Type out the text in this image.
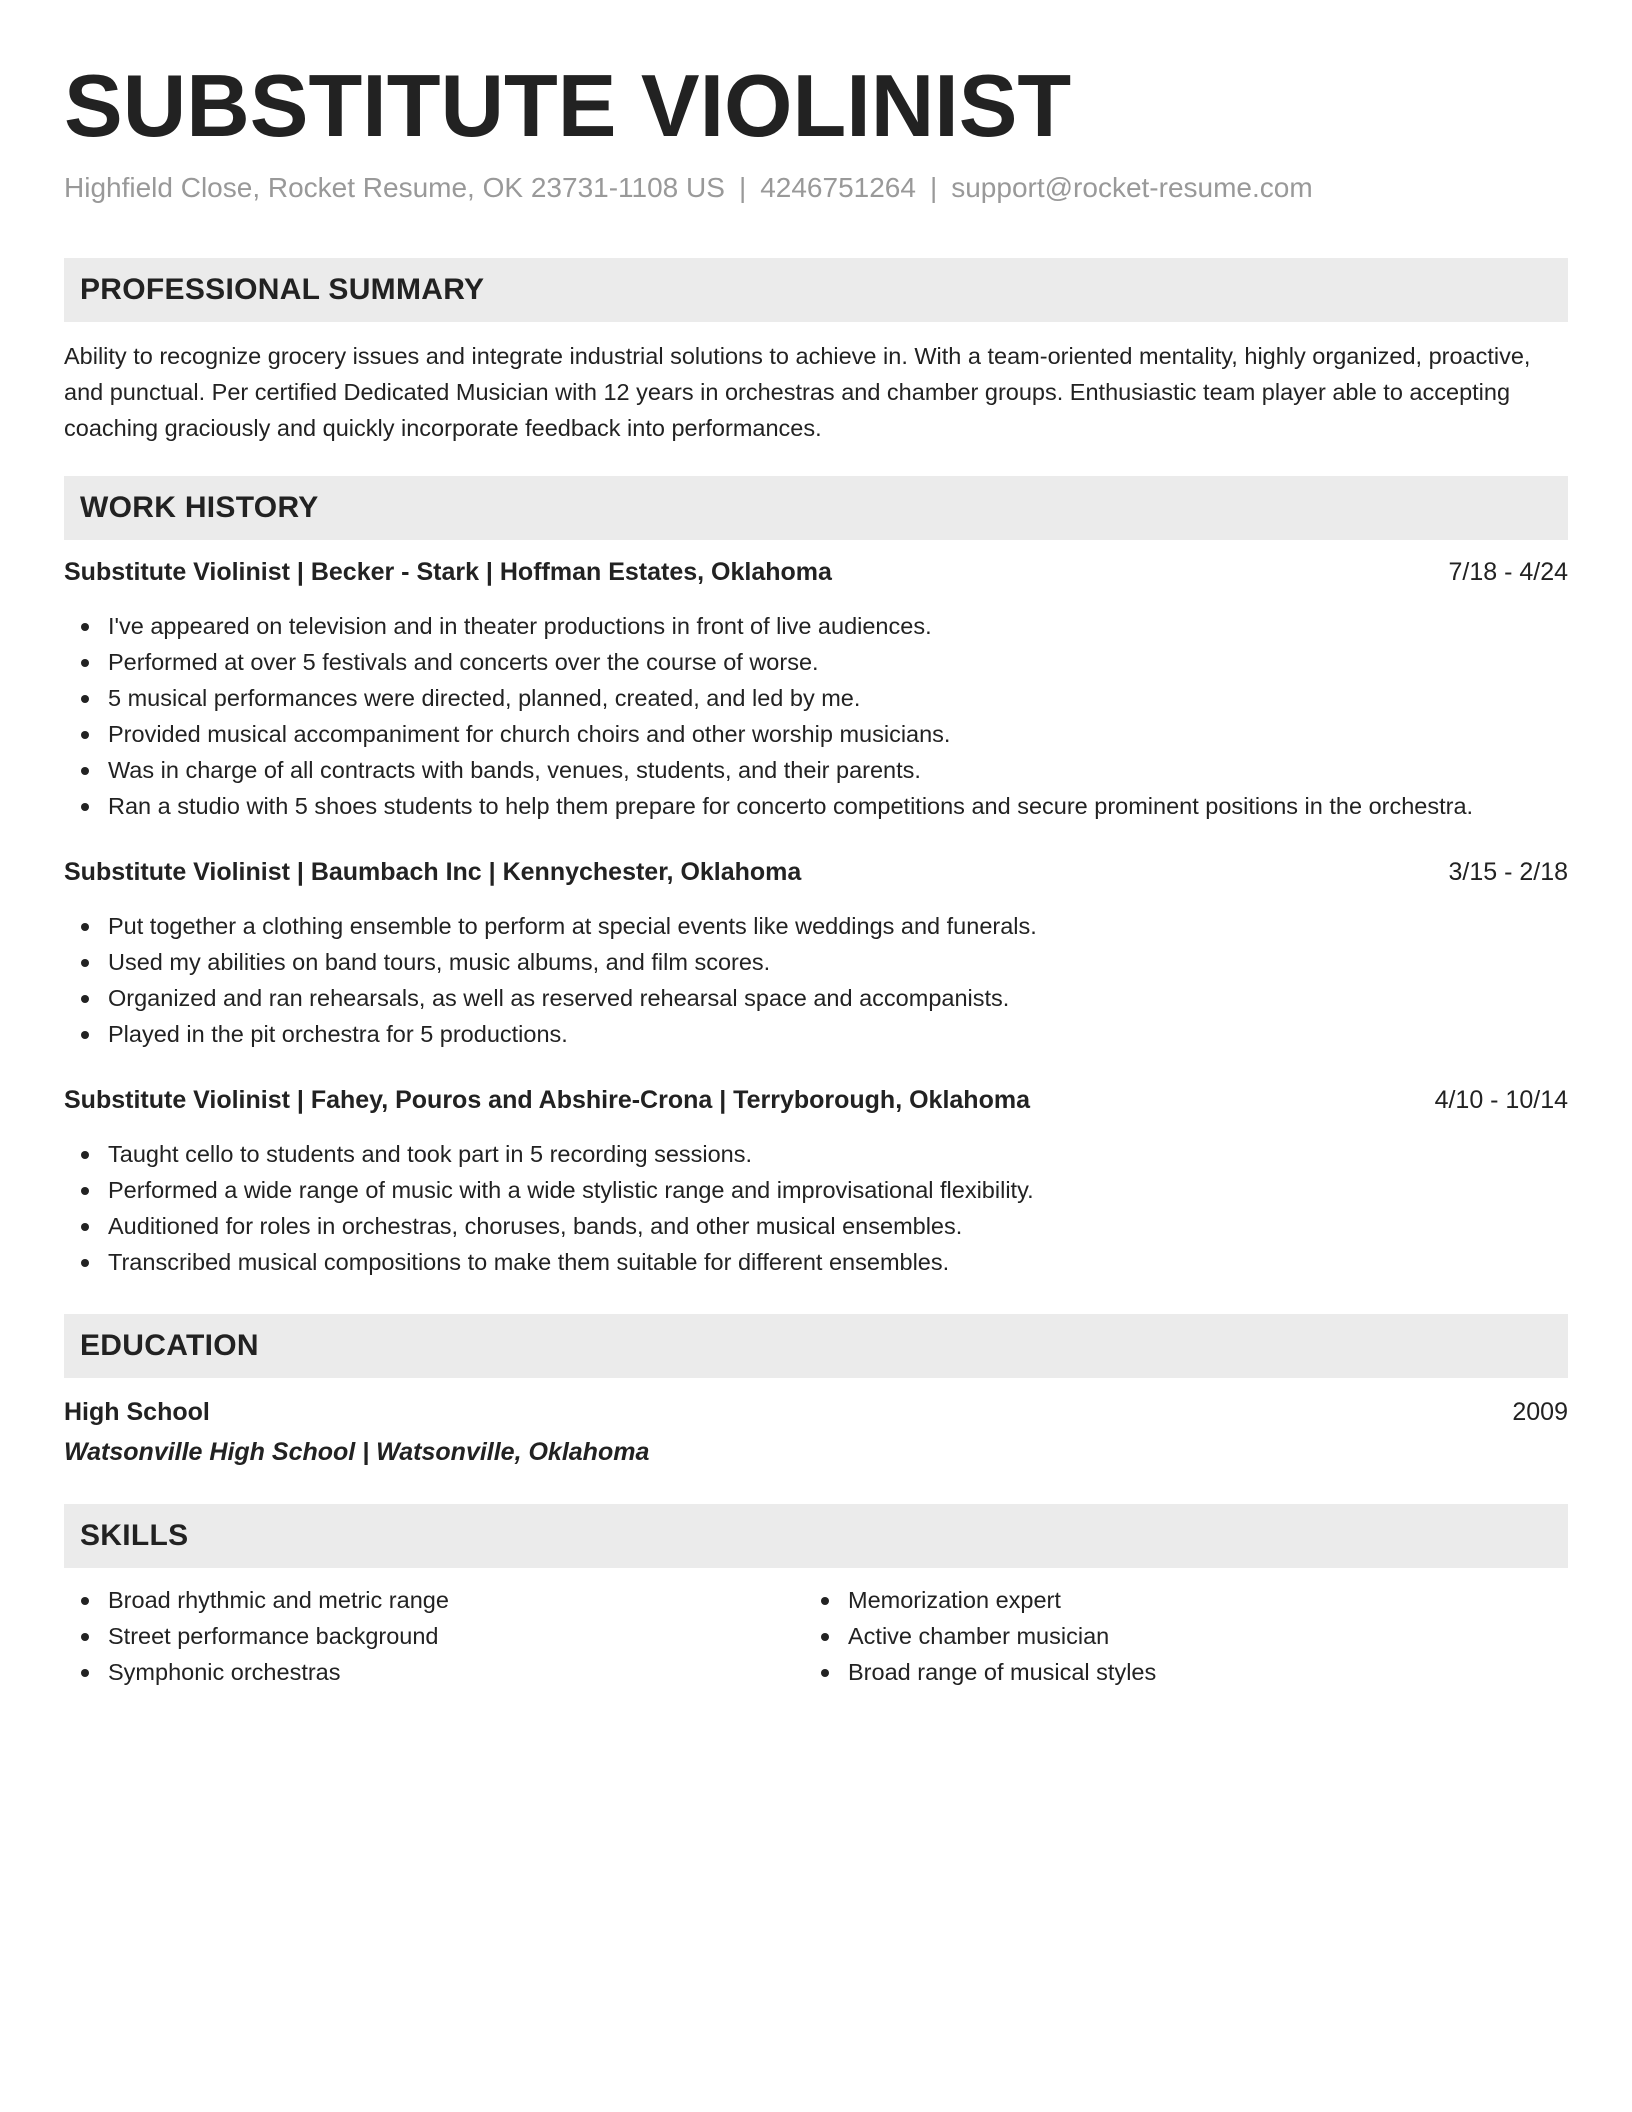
SUBSTITUTE VIOLINIST
Highfield Close, Rocket Resume, OK 23731-1108 US | 4246751264 | support@rocket-resume.com
PROFESSIONAL SUMMARY
Ability to recognize grocery issues and integrate industrial solutions to achieve in. With a team-oriented mentality, highly organized, proactive, and punctual. Per certified Dedicated Musician with 12 years in orchestras and chamber groups. Enthusiastic team player able to accepting coaching graciously and quickly incorporate feedback into performances.
WORK HISTORY
Substitute Violinist | Becker - Stark | Hoffman Estates, Oklahoma	7/18 - 4/24
I've appeared on television and in theater productions in front of live audiences.
Performed at over 5 festivals and concerts over the course of worse.
5 musical performances were directed, planned, created, and led by me.
Provided musical accompaniment for church choirs and other worship musicians.
Was in charge of all contracts with bands, venues, students, and their parents.
Ran a studio with 5 shoes students to help them prepare for concerto competitions and secure prominent positions in the orchestra.
Substitute Violinist | Baumbach Inc | Kennychester, Oklahoma	3/15 - 2/18
Put together a clothing ensemble to perform at special events like weddings and funerals.
Used my abilities on band tours, music albums, and film scores.
Organized and ran rehearsals, as well as reserved rehearsal space and accompanists.
Played in the pit orchestra for 5 productions.
Substitute Violinist | Fahey, Pouros and Abshire-Crona | Terryborough, Oklahoma	4/10 - 10/14
Taught cello to students and took part in 5 recording sessions.
Performed a wide range of music with a wide stylistic range and improvisational flexibility.
Auditioned for roles in orchestras, choruses, bands, and other musical ensembles.
Transcribed musical compositions to make them suitable for different ensembles.
EDUCATION
High School	2009
Watsonville High School | Watsonville, Oklahoma
SKILLS
Broad rhythmic and metric range
Street performance background
Symphonic orchestras
Memorization expert
Active chamber musician
Broad range of musical styles
